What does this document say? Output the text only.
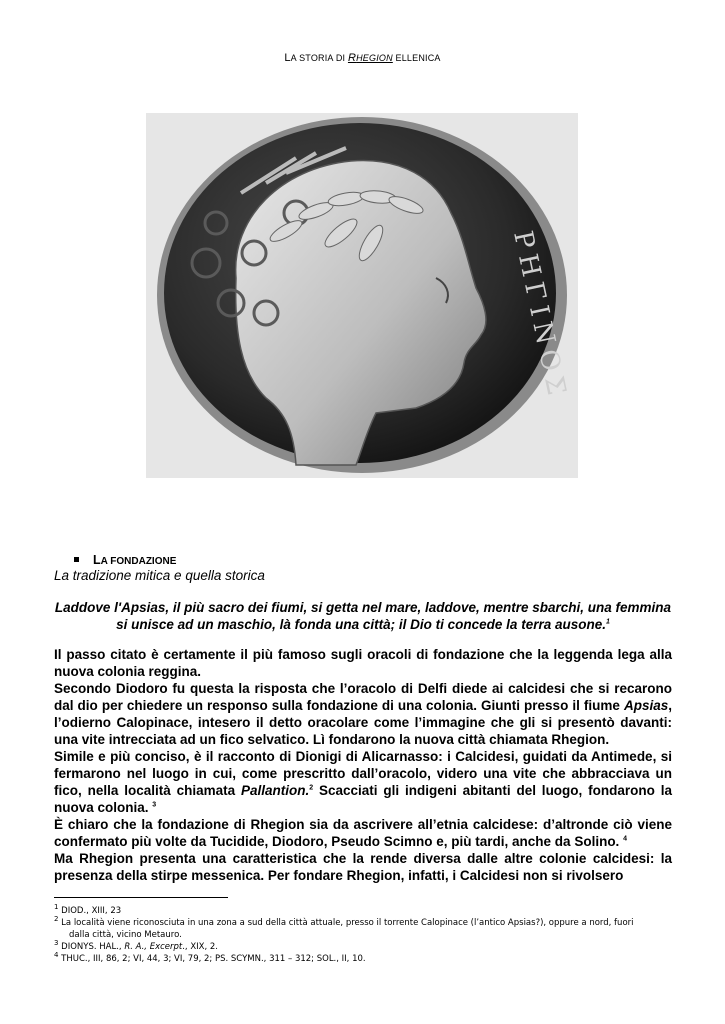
LA STORIA DI RHEGION ELLENICA
PHΓINOΣ
LA FONDAZIONE
La tradizione mitica e quella storica
Laddove l'Apsias, il più sacro dei fiumi, si getta nel mare, laddove, mentre sbarchi, una femmina
si unisce ad un maschio, là fonda una città; il Dio ti concede la terra ausone.$^1$

Il passo citato è certamente il più famoso sugli oracoli di fondazione che la leggenda lega alla nuova colonia reggina.

Secondo Diodoro fu questa la risposta che l’oracolo di Delfi diede ai calcidesi che si recarono dal dio per chiedere un responso sulla fondazione di una colonia. Giunti presso il fiume Apsias, l’odierno Calopinace, intesero il detto oracolare come l’immagine che gli si presentò davanti: una vite intrecciata ad un fico selvatico. Lì fondarono la nuova città chiamata Rhegion.

Simile e più conciso, è il racconto di Dionigi di Alicarnasso: i Calcidesi, guidati da Antimede, si fermarono nel luogo in cui, come prescritto dall’oracolo, videro una vite che abbracciava un fico, nella località chiamata Pallantion.$^2$ Scacciati gli indigeni abitanti del luogo, fondarono la nuova colonia. $^3$

È chiaro che la fondazione di Rhegion sia da ascrivere all’etnia calcidese: d’altronde ciò viene confermato più volte da Tucidide, Diodoro, Pseudo Scimno e, più tardi, anche da Solino. $^4$

Ma Rhegion presenta una caratteristica che la rende diversa dalle altre colonie calcidesi: la presenza della stirpe messenica. Per fondare Rhegion, infatti, i Calcidesi non si rivolsero

$^1$ DIOD., XIII, 23

$^2$ La località viene riconosciuta in una zona a sud della città attuale, presso il torrente Calopinace (l’antico Apsias?), oppure a nord, fuori

dalla città, vicino Metauro.

$^3$ DIONYS. HAL., R. A., Excerpt., XIX, 2.

$^4$ THUC., III, 86, 2; VI, 44, 3; VI, 79, 2; PS. SCYMN., 311 – 312; SOL., II, 10.
